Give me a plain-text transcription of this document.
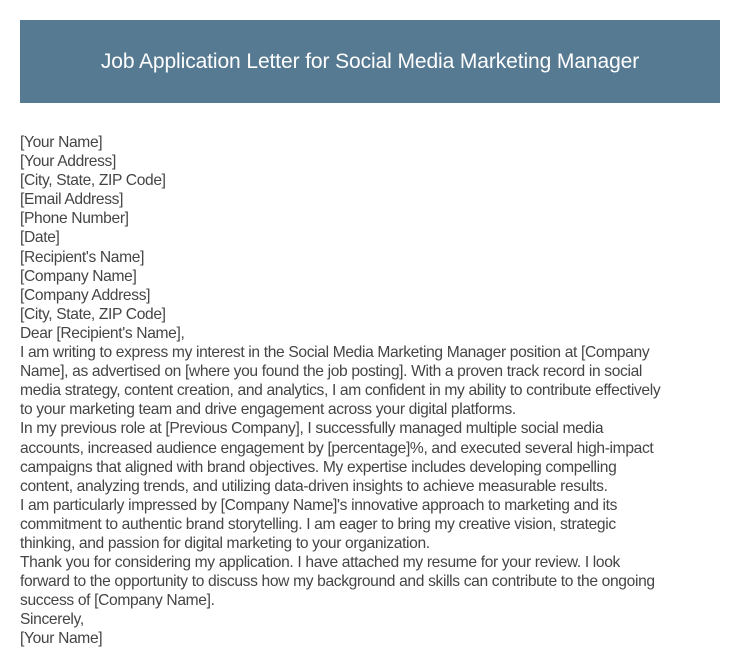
Job Application Letter for Social Media Marketing Manager
[Your Name]
[Your Address]
[City, State, ZIP Code]
[Email Address]
[Phone Number]
[Date]
[Recipient's Name]
[Company Name]
[Company Address]
[City, State, ZIP Code]
Dear [Recipient's Name],
I am writing to express my interest in the Social Media Marketing Manager position at [Company
Name], as advertised on [where you found the job posting]. With a proven track record in social
media strategy, content creation, and analytics, I am confident in my ability to contribute effectively
to your marketing team and drive engagement across your digital platforms.
In my previous role at [Previous Company], I successfully managed multiple social media
accounts, increased audience engagement by [percentage]%, and executed several high-impact
campaigns that aligned with brand objectives. My expertise includes developing compelling
content, analyzing trends, and utilizing data-driven insights to achieve measurable results.
I am particularly impressed by [Company Name]'s innovative approach to marketing and its
commitment to authentic brand storytelling. I am eager to bring my creative vision, strategic
thinking, and passion for digital marketing to your organization.
Thank you for considering my application. I have attached my resume for your review. I look
forward to the opportunity to discuss how my background and skills can contribute to the ongoing
success of [Company Name].
Sincerely,
[Your Name]
